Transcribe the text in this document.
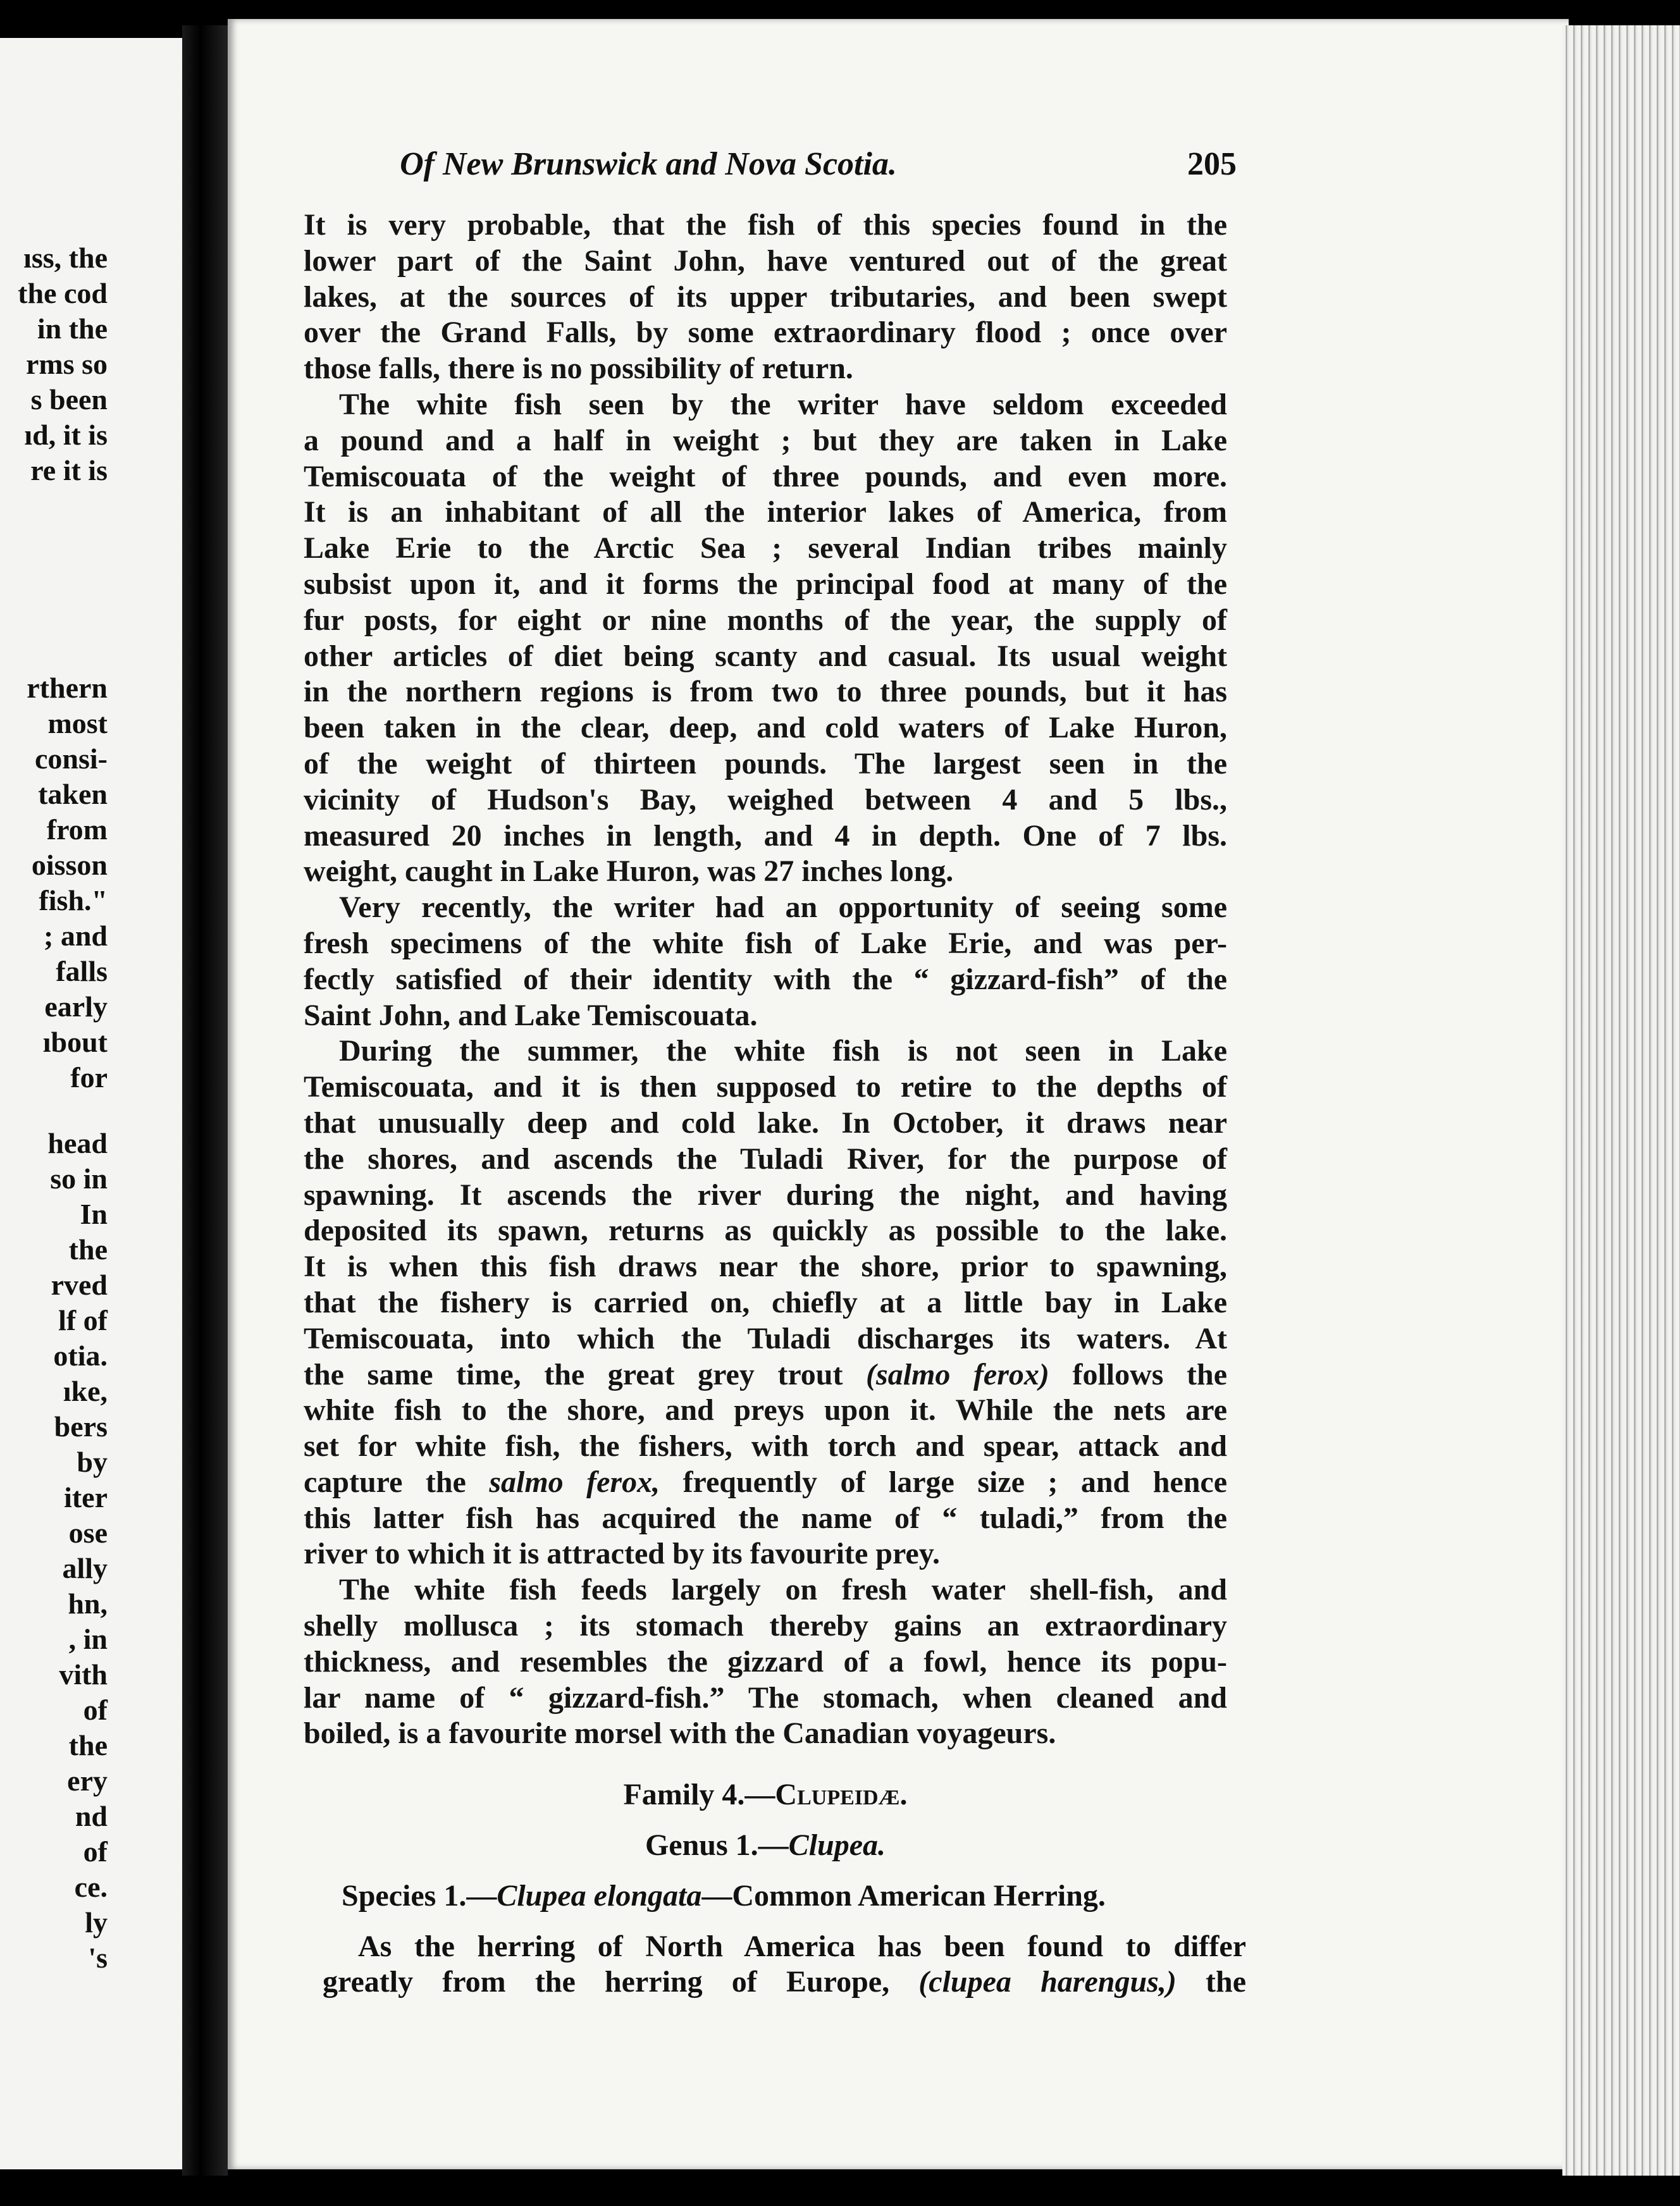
ıss, the
the cod
in the
rms so
s been
ıd, it is
re it is
rthern
most
consi-
taken
from
oisson
fish."
; and
falls
early
ıbout
for
head
so in
In
the
rved
lf of
otia.
ıke,
bers
by
iter
ose
ally
hn,
, in
vith
of
the
ery
nd
of
ce.
ly
's
Of New Brunswick and Nova Scotia.	205
It is very probable, that the fish of this species found in the
lower part of the Saint John, have ventured out of the great
lakes, at the sources of its upper tributaries, and been swept
over the Grand Falls, by some extraordinary flood ; once over
those falls, there is no possibility of return.
The white fish seen by the writer have seldom exceeded
a pound and a half in weight ; but they are taken in Lake
Temiscouata of the weight of three pounds, and even more.
It is an inhabitant of all the interior lakes of America, from
Lake Erie to the Arctic Sea ; several Indian tribes mainly
subsist upon it, and it forms the principal food at many of the
fur posts, for eight or nine months of the year, the supply of
other articles of diet being scanty and casual. Its usual weight
in the northern regions is from two to three pounds, but it has
been taken in the clear, deep, and cold waters of Lake Huron,
of the weight of thirteen pounds. The largest seen in the
vicinity of Hudson's Bay, weighed between 4 and 5 lbs.,
measured 20 inches in length, and 4 in depth. One of 7 lbs.
weight, caught in Lake Huron, was 27 inches long.
Very recently, the writer had an opportunity of seeing some
fresh specimens of the white fish of Lake Erie, and was per-
fectly satisfied of their identity with the “ gizzard-fish” of the
Saint John, and Lake Temiscouata.
During the summer, the white fish is not seen in Lake
Temiscouata, and it is then supposed to retire to the depths of
that unusually deep and cold lake. In October, it draws near
the shores, and ascends the Tuladi River, for the purpose of
spawning. It ascends the river during the night, and having
deposited its spawn, returns as quickly as possible to the lake.
It is when this fish draws near the shore, prior to spawning,
that the fishery is carried on, chiefly at a little bay in Lake
Temiscouata, into which the Tuladi discharges its waters. At
the same time, the great grey trout (salmo ferox) follows the
white fish to the shore, and preys upon it. While the nets are
set for white fish, the fishers, with torch and spear, attack and
capture the salmo ferox, frequently of large size ; and hence
this latter fish has acquired the name of “ tuladi,” from the
river to which it is attracted by its favourite prey.
The white fish feeds largely on fresh water shell-fish, and
shelly mollusca ; its stomach thereby gains an extraordinary
thickness, and resembles the gizzard of a fowl, hence its popu-
lar name of “ gizzard-fish.” The stomach, when cleaned and
boiled, is a favourite morsel with the Canadian voyageurs.
Family 4.—Clupeidæ.
Genus 1.—Clupea.
Species 1.—Clupea elongata—Common American Herring.
As the herring of North America has been found to differ
greatly from the herring of Europe, (clupea harengus,) the
